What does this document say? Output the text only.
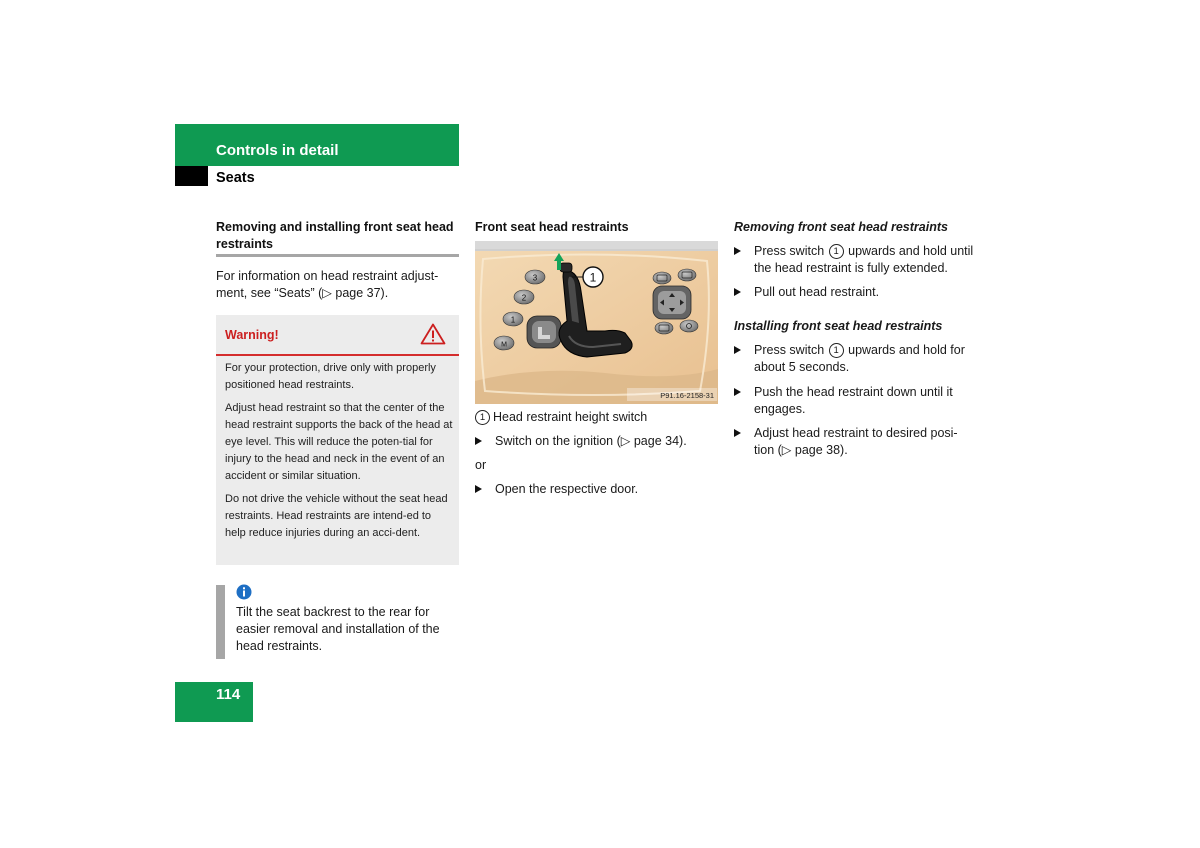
Controls in detail
Seats
Removing and installing front seat head restraints
For information on head restraint adjust-ment, see “Seats” (▷ page 37).
Warning!
For your protection, drive only with properly positioned head restraints.
Adjust head restraint so that the center of the head restraint supports the back of the head at eye level. This will reduce the poten-tial for injury to the head and neck in the event of an accident or similar situation.
Do not drive the vehicle without the seat head restraints. Head restraints are intend-ed to help reduce injuries during an acci-dent.
Tilt the seat backrest to the rear for easier removal and installation of the head restraints.
114
Front seat head restraints
3
2
1
M
1
P91.16-2158-31
1 Head restraint height switch
Switch on the ignition (▷ page 34).
or
Open the respective door.
Removing front seat head restraints
Press switch 1 upwards and hold until the head restraint is fully extended.
Pull out head restraint.
Installing front seat head restraints
Press switch 1 upwards and hold for about 5 seconds.
Push the head restraint down until it engages.
Adjust head restraint to desired posi-tion (▷ page 38).
